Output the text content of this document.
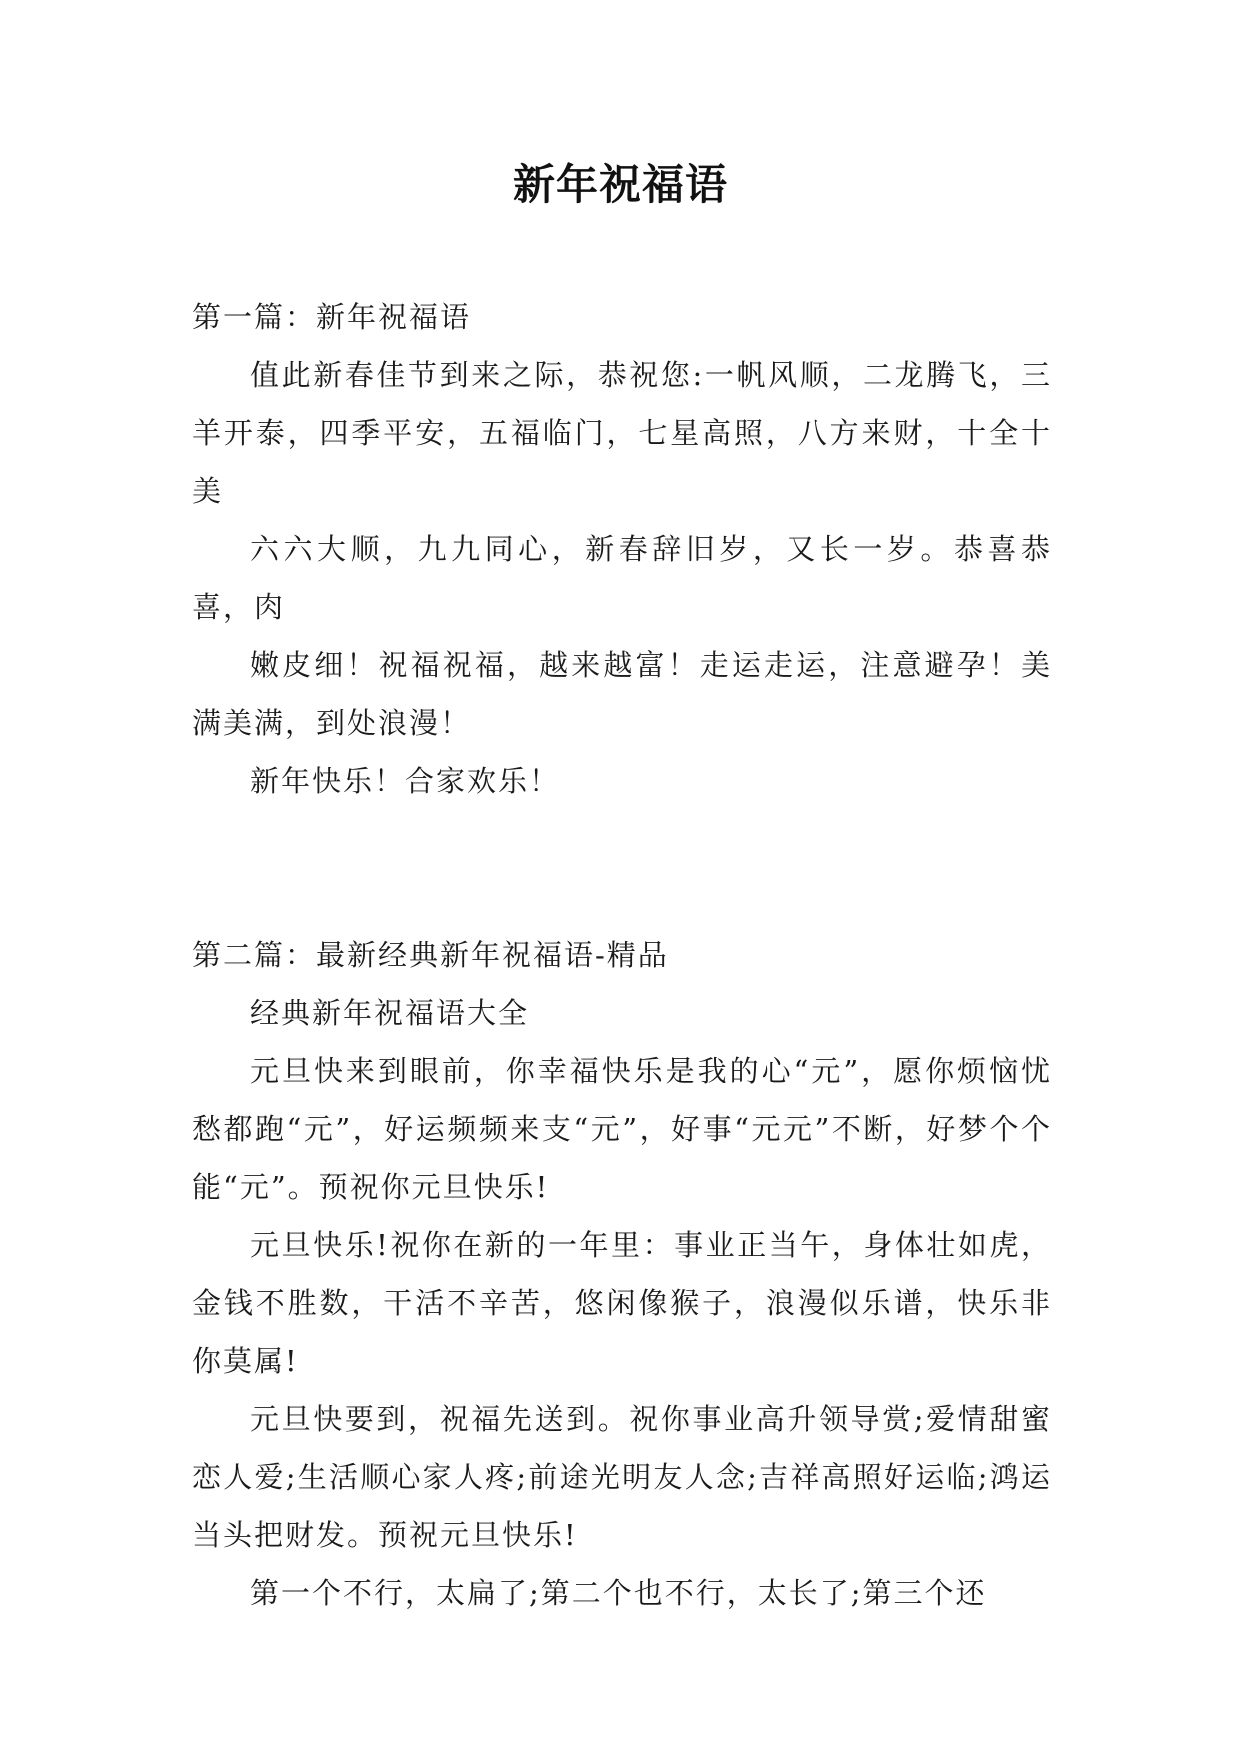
新年祝福语
第一篇：新年祝福语

值此新春佳节到来之际，恭祝您:一帆风顺，二龙腾飞，三羊开泰，四季平安，五福临门，七星高照，八方来财，十全十美

六六大顺，九九同心，新春辞旧岁，又长一岁。恭喜恭喜，肉

嫩皮细！祝福祝福，越来越富！走运走运，注意避孕！美满美满，到处浪漫！

新年快乐！合家欢乐！

第二篇：最新经典新年祝福语-精品

经典新年祝福语大全

元旦快来到眼前，你幸福快乐是我的心“元”，愿你烦恼忧愁都跑“元”，好运频频来支“元”，好事“元元”不断，好梦个个能“元”。预祝你元旦快乐!

元旦快乐!祝你在新的一年里：事业正当午，身体壮如虎，金钱不胜数，干活不辛苦，悠闲像猴子，浪漫似乐谱，快乐非你莫属!

元旦快要到，祝福先送到。祝你事业高升领导赏;爱情甜蜜恋人爱;生活顺心家人疼;前途光明友人念;吉祥高照好运临;鸿运当头把财发。预祝元旦快乐!

第一个不行，太扁了;第二个也不行，太长了;第三个还
